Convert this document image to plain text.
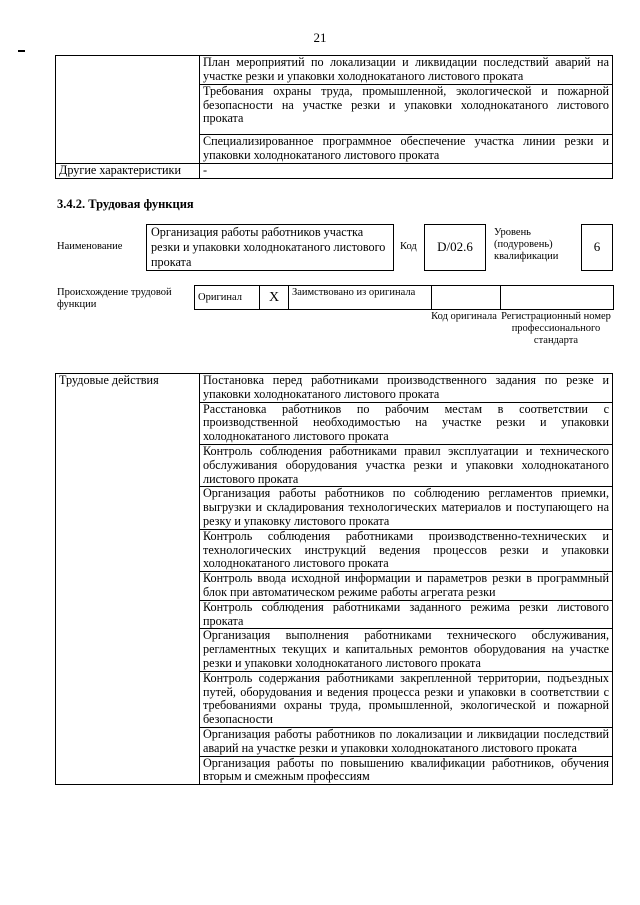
21
	План мероприятий по локализации и ликвидации последствий аварий на участке резки и упаковки холоднокатаного листового проката
	Требования охраны труда, промышленной, экологической и пожарной безопасности на участке резки и упаковки холоднокатаного листового проката
	Специализированное программное обеспечение участка линии резки и упаковки холоднокатаного листового проката
Другие характеристики	-
3.4.2. Трудовая функция
Наименование
Организация работы работников участка резки и упаковки холоднокатаного листового проката
Код	D/02.6
Уровень (подуровень) квалификации
6
Происхождение трудовой функции
Оригинал	X	Заимствовано из оригинала		
Код оригинала Регистрационный номер профессионального стандарта
Трудовые действия	Постановка перед работниками производственного задания по резке и упаковки холоднокатаного листового проката
Расстановка работников по рабочим местам в соответствии с производственной необходимостью на участке резки и упаковки холоднокатаного листового проката
Контроль соблюдения работниками правил эксплуатации и технического обслуживания оборудования участка резки и упаковки холоднокатаного листового проката
Организация работы работников по соблюдению регламентов приемки, выгрузки и складирования технологических материалов и поступающего на резку и упаковку листового проката
Контроль соблюдения работниками производственно-технических и технологических инструкций ведения процессов резки и упаковки холоднокатаного листового проката
Контроль ввода исходной информации и параметров резки в программный блок при автоматическом режиме работы агрегата резки
Контроль соблюдения работниками заданного режима резки листового проката
Организация выполнения работниками технического обслуживания, регламентных текущих и капитальных ремонтов оборудования на участке резки и упаковки холоднокатаного листового проката
Контроль содержания работниками закрепленной территории, подъездных путей, оборудования и ведения процесса резки и упаковки в соответствии с требованиями охраны труда, промышленной, экологической и пожарной безопасности
Организация работы работников по локализации и ликвидации последствий аварий на участке резки и упаковки холоднокатаного листового проката
Организация работы по повышению квалификации работников, обучения вторым и смежным профессиям
